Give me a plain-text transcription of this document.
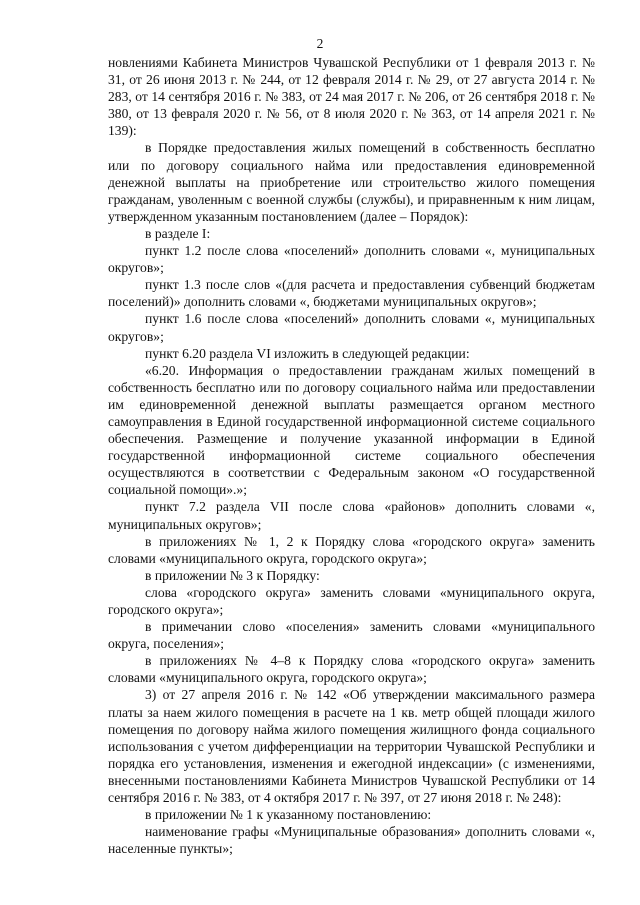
2

новлениями Кабинета Министров Чувашской Республики от 1 февраля 2013 г. № 31, от 26 июня 2013 г. № 244, от 12 февраля 2014 г. № 29, от 27 августа 2014 г. № 283, от 14 сентября 2016 г. № 383, от 24 мая 2017 г. № 206, от 26 сентября 2018 г. № 380, от 13 февраля 2020 г. № 56, от 8 июля 2020 г. № 363, от 14 апреля 2021 г. № 139):

в Порядке предоставления жилых помещений в собственность бесплатно или по договору социального найма или предоставления единовременной денежной выплаты на приобретение или строительство жилого помещения гражданам, уволенным с военной службы (службы), и приравненным к ним лицам, утвержденном указанным постановлением (далее – Порядок):

в разделе I:

пункт 1.2 после слова «поселений» дополнить словами «, муниципальных округов»;

пункт 1.3 после слов «(для расчета и предоставления субвенций бюджетам поселений)» дополнить словами «, бюджетами муниципальных округов»;

пункт 1.6 после слова «поселений» дополнить словами «, муниципальных округов»;

пункт 6.20 раздела VI изложить в следующей редакции:

«6.20. Информация о предоставлении гражданам жилых помещений в собственность бесплатно или по договору социального найма или предоставлении им единовременной денежной выплаты размещается органом местного самоуправления в Единой государственной информационной системе социального обеспечения. Размещение и получение указанной информации в Единой государственной информационной системе социального обеспечения осуществляются в соответствии с Федеральным законом «О государственной социальной помощи».»;

пункт 7.2 раздела VII после слова «районов» дополнить словами «, муниципальных округов»;

в приложениях № 1, 2 к Порядку слова «городского округа» заменить словами «муниципального округа, городского округа»;

в приложении № 3 к Порядку:

слова «городского округа» заменить словами «муниципального округа, городского округа»;

в примечании слово «поселения» заменить словами «муниципального округа, поселения»;

в приложениях № 4–8 к Порядку слова «городского округа» заменить словами «муниципального округа, городского округа»;

3) от 27 апреля 2016 г. № 142 «Об утверждении максимального размера платы за наем жилого помещения в расчете на 1 кв. метр общей площади жилого помещения по договору найма жилого помещения жилищного фонда социального использования с учетом дифференциации на территории Чувашской Республики и порядка его установления, изменения и ежегодной индексации» (с изменениями, внесенными постановлениями Кабинета Министров Чувашской Республики от 14 сентября 2016 г. № 383, от 4 октября 2017 г. № 397, от 27 июня 2018 г. № 248):

в приложении № 1 к указанному постановлению:

наименование графы «Муниципальные образования» дополнить словами «, населенные пункты»;
